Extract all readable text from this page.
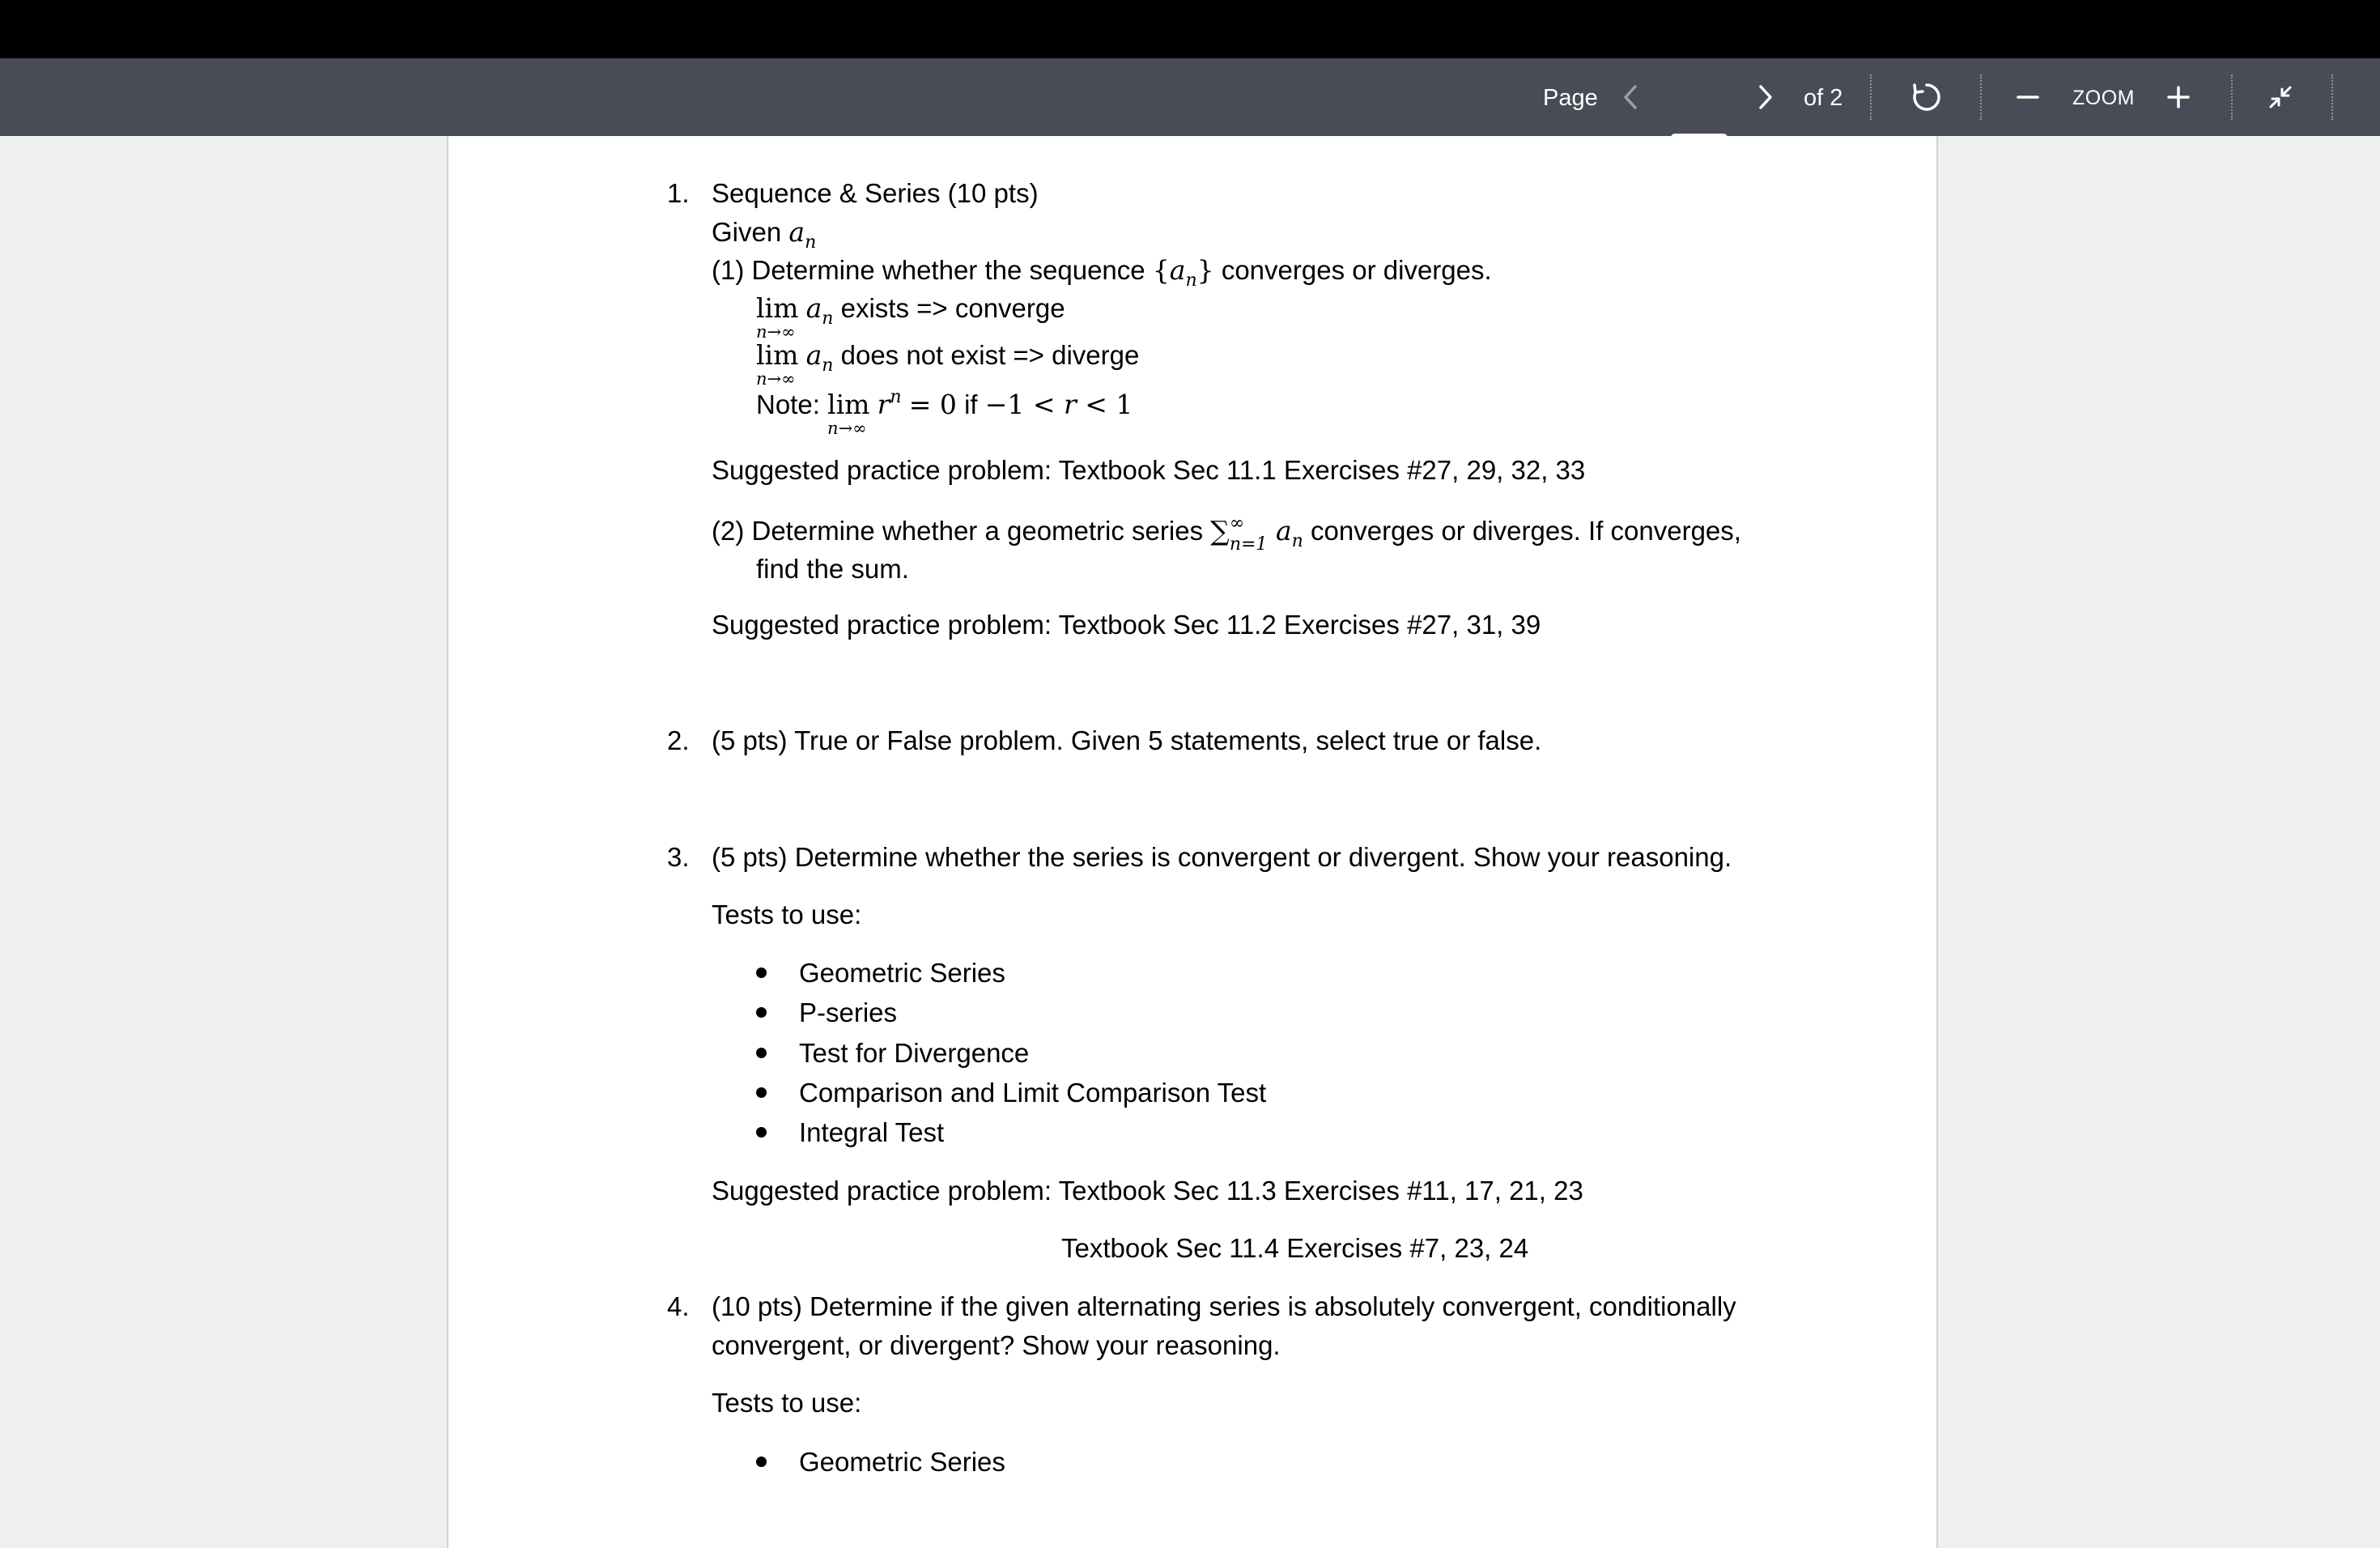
Page
1	of 2	ZOOM
1. Sequence & Series (10 pts)
Given $a_n$
(1) Determine whether the sequence $\{a_n\}$ converges or diverges.
lim
n→∞
$a_n$ exists => converge
lim
n→∞
$a_n$ does not exist => diverge
Note: lim
n→∞
$r^n = 0$ if −1 < r < 1
Suggested practice problem: Textbook Sec 11.1 Exercises #27, 29, 32, 33
(2) Determine whether a geometric series ∑ ∞
n=1 $a_n$ converges or diverges. If converges,
find the sum.
Suggested practice problem: Textbook Sec 11.2 Exercises #27, 31, 39
2. (5 pts) True or False problem. Given 5 statements, select true or false.
3. (5 pts) Determine whether the series is convergent or divergent. Show your reasoning.
Tests to use:
Geometric Series
P-series
Test for Divergence
Comparison and Limit Comparison Test
Integral Test
Suggested practice problem: Textbook Sec 11.3 Exercises #11, 17, 21, 23
Textbook Sec 11.4 Exercises #7, 23, 24
4. (10 pts) Determine if the given alternating series is absolutely convergent, conditionally
convergent, or divergent? Show your reasoning.
Tests to use:
Geometric Series
